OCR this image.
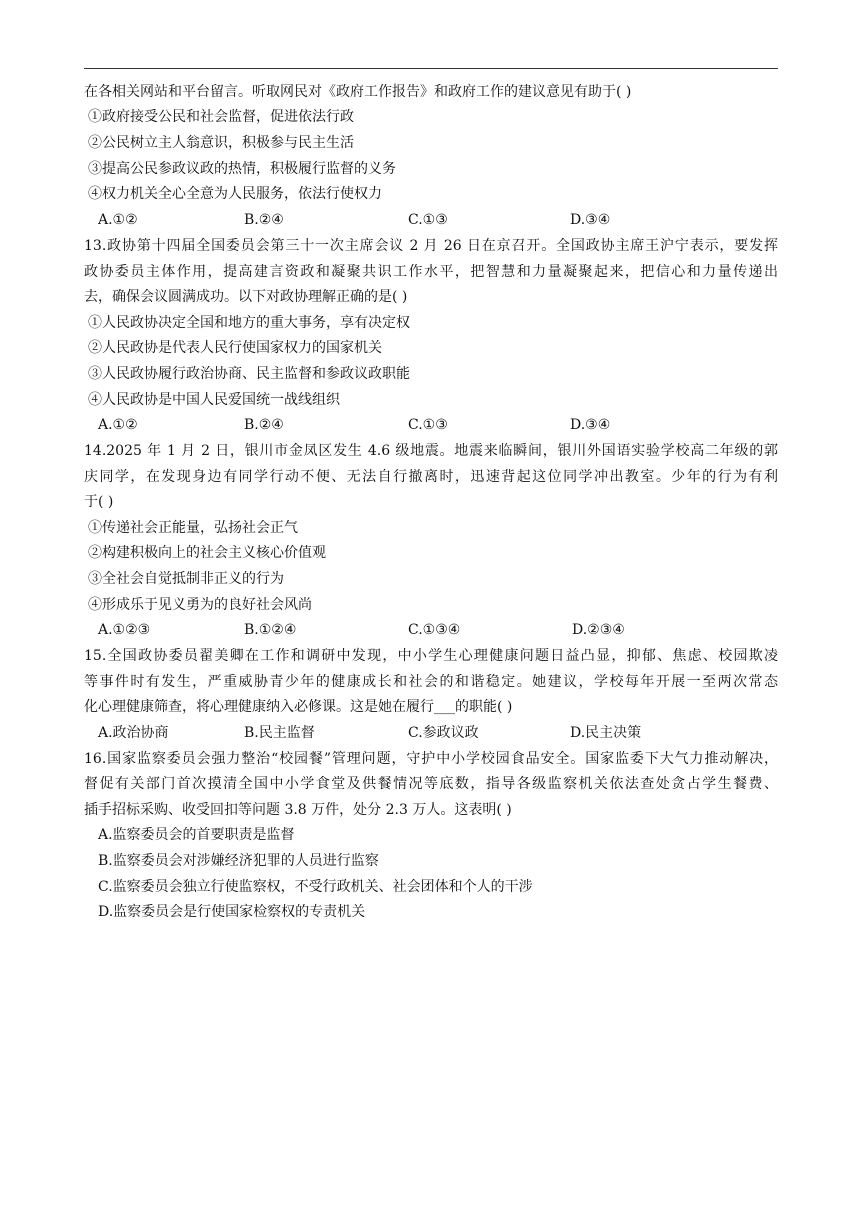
在各相关网站和平台留言。听取网民对《政府工作报告》和政府工作的建议意见有助于( )
①政府接受公民和社会监督，促进依法行政
②公民树立主人翁意识，积极参与民主生活
③提高公民参政议政的热情，积极履行监督的义务
④权力机关全心全意为人民服务，依法行使权力
A.①②	B.②④	C.①③	D.③④
13.政协第十四届全国委员会第三十一次主席会议 2 月 26 日在京召开。全国政协主席王沪宁表示，要发挥
政协委员主体作用，提高建言资政和凝聚共识工作水平，把智慧和力量凝聚起来，把信心和力量传递出
去，确保会议圆满成功。以下对政协理解正确的是( )
①人民政协决定全国和地方的重大事务，享有决定权
②人民政协是代表人民行使国家权力的国家机关
③人民政协履行政治协商、民主监督和参政议政职能
④人民政协是中国人民爱国统一战线组织
A.①②	B.②④	C.①③	D.③④
14.2025 年 1 月 2 日，银川市金凤区发生 4.6 级地震。地震来临瞬间，银川外国语实验学校高二年级的郭
庆同学，在发现身边有同学行动不便、无法自行撤离时，迅速背起这位同学冲出教室。少年的行为有利
于( )
①传递社会正能量，弘扬社会正气
②构建积极向上的社会主义核心价值观
③全社会自觉抵制非正义的行为
④形成乐于见义勇为的良好社会风尚
A.①②③	B.①②④	C.①③④	D.②③④
15.全国政协委员翟美卿在工作和调研中发现，中小学生心理健康问题日益凸显，抑郁、焦虑、校园欺凌
等事件时有发生，严重威胁青少年的健康成长和社会的和谐稳定。她建议，学校每年开展一至两次常态
化心理健康筛查，将心理健康纳入必修课。这是她在履行___的职能( )
A.政治协商	B.民主监督	C.参政议政	D.民主决策
16.国家监察委员会强力整治“校园餐”管理问题，守护中小学校园食品安全。国家监委下大气力推动解决，
督促有关部门首次摸清全国中小学食堂及供餐情况等底数，指导各级监察机关依法查处贪占学生餐费、
插手招标采购、收受回扣等问题 3.8 万件，处分 2.3 万人。这表明( )
A.监察委员会的首要职责是监督
B.监察委员会对涉嫌经济犯罪的人员进行监察
C.监察委员会独立行使监察权，不受行政机关、社会团体和个人的干涉
D.监察委员会是行使国家检察权的专责机关
